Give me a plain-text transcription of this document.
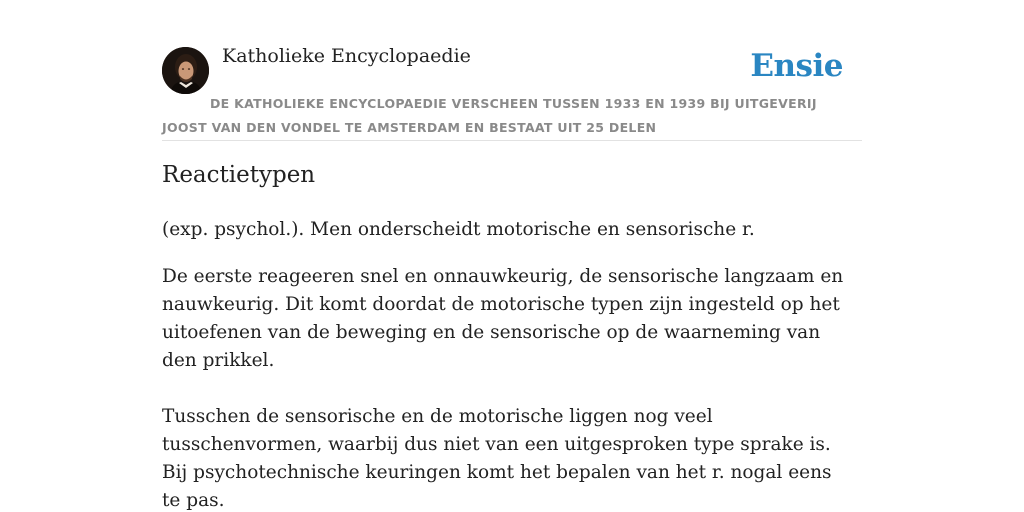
Katholieke Encyclopaedie	Ensie
DE KATHOLIEKE ENCYCLOPAEDIE VERSCHEEN TUSSEN 1933 EN 1939 BIJ UITGEVERIJ JOOST VAN DEN VONDEL TE AMSTERDAM EN BESTAAT UIT 25 DELEN
Reactietypen

(exp. psychol.). Men onderscheidt motorische en sensorische r.

De eerste reageeren snel en onnauwkeurig, de sensorische langzaam en nauwkeurig. Dit komt doordat de motorische typen zijn ingesteld op het uitoefenen van de beweging en de sensorische op de waarneming van den prikkel.

Tusschen de sensorische en de motorische liggen nog veel tusschenvormen, waarbij dus niet van een uitgesproken type sprake is. Bij psychotechnische keuringen komt het bepalen van het r. nogal eens te pas.
